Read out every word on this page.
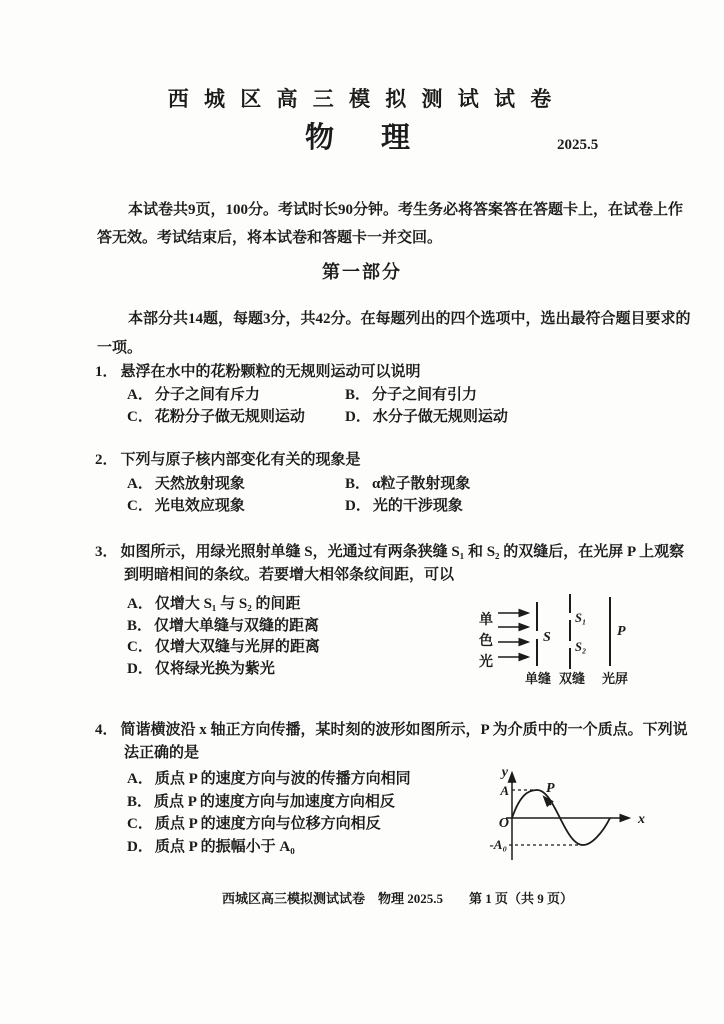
西 城 区 高 三 模 拟 测 试 试 卷
物　理	2025.5
本试卷共9页，100分。考试时长90分钟。考生务必将答案答在答题卡上，在试卷上作
答无效。考试结束后，将本试卷和答题卡一并交回。
第一部分
本部分共14题，每题3分，共42分。在每题列出的四个选项中，选出最符合题目要求的
一项。
1． 悬浮在水中的花粉颗粒的无规则运动可以说明
A． 分子之间有斥力	B． 分子之间有引力
C． 花粉分子做无规则运动	D． 水分子做无规则运动
2． 下列与原子核内部变化有关的现象是
A． 天然放射现象	B． α粒子散射现象
C． 光电效应现象	D． 光的干涉现象
3． 如图所示，用绿光照射单缝 S，光通过有两条狭缝 S₁ 和 S₂ 的双缝后，在光屏 P 上观察
到明暗相间的条纹。若要增大相邻条纹间距，可以
A． 仅增大 S₁ 与 S₂ 的间距
B． 仅增大单缝与双缝的距离
C． 仅增大双缝与光屏的距离
D． 仅将绿光换为紫光
单
色
光
S
S₁
S₂
P
单缝 双缝 光屏
4． 简谐横波沿 x 轴正方向传播，某时刻的波形如图所示，P 为介质中的一个质点。下列说
法正确的是
A． 质点 P 的速度方向与波的传播方向相同
B． 质点 P 的速度方向与加速度方向相反
C． 质点 P 的速度方向与位移方向相反
D． 质点 P 的振幅小于 A₀
y
x
O
A
-A₀
P
西城区高三模拟测试试卷　物理 2025.5　　第 1 页（共 9 页）
